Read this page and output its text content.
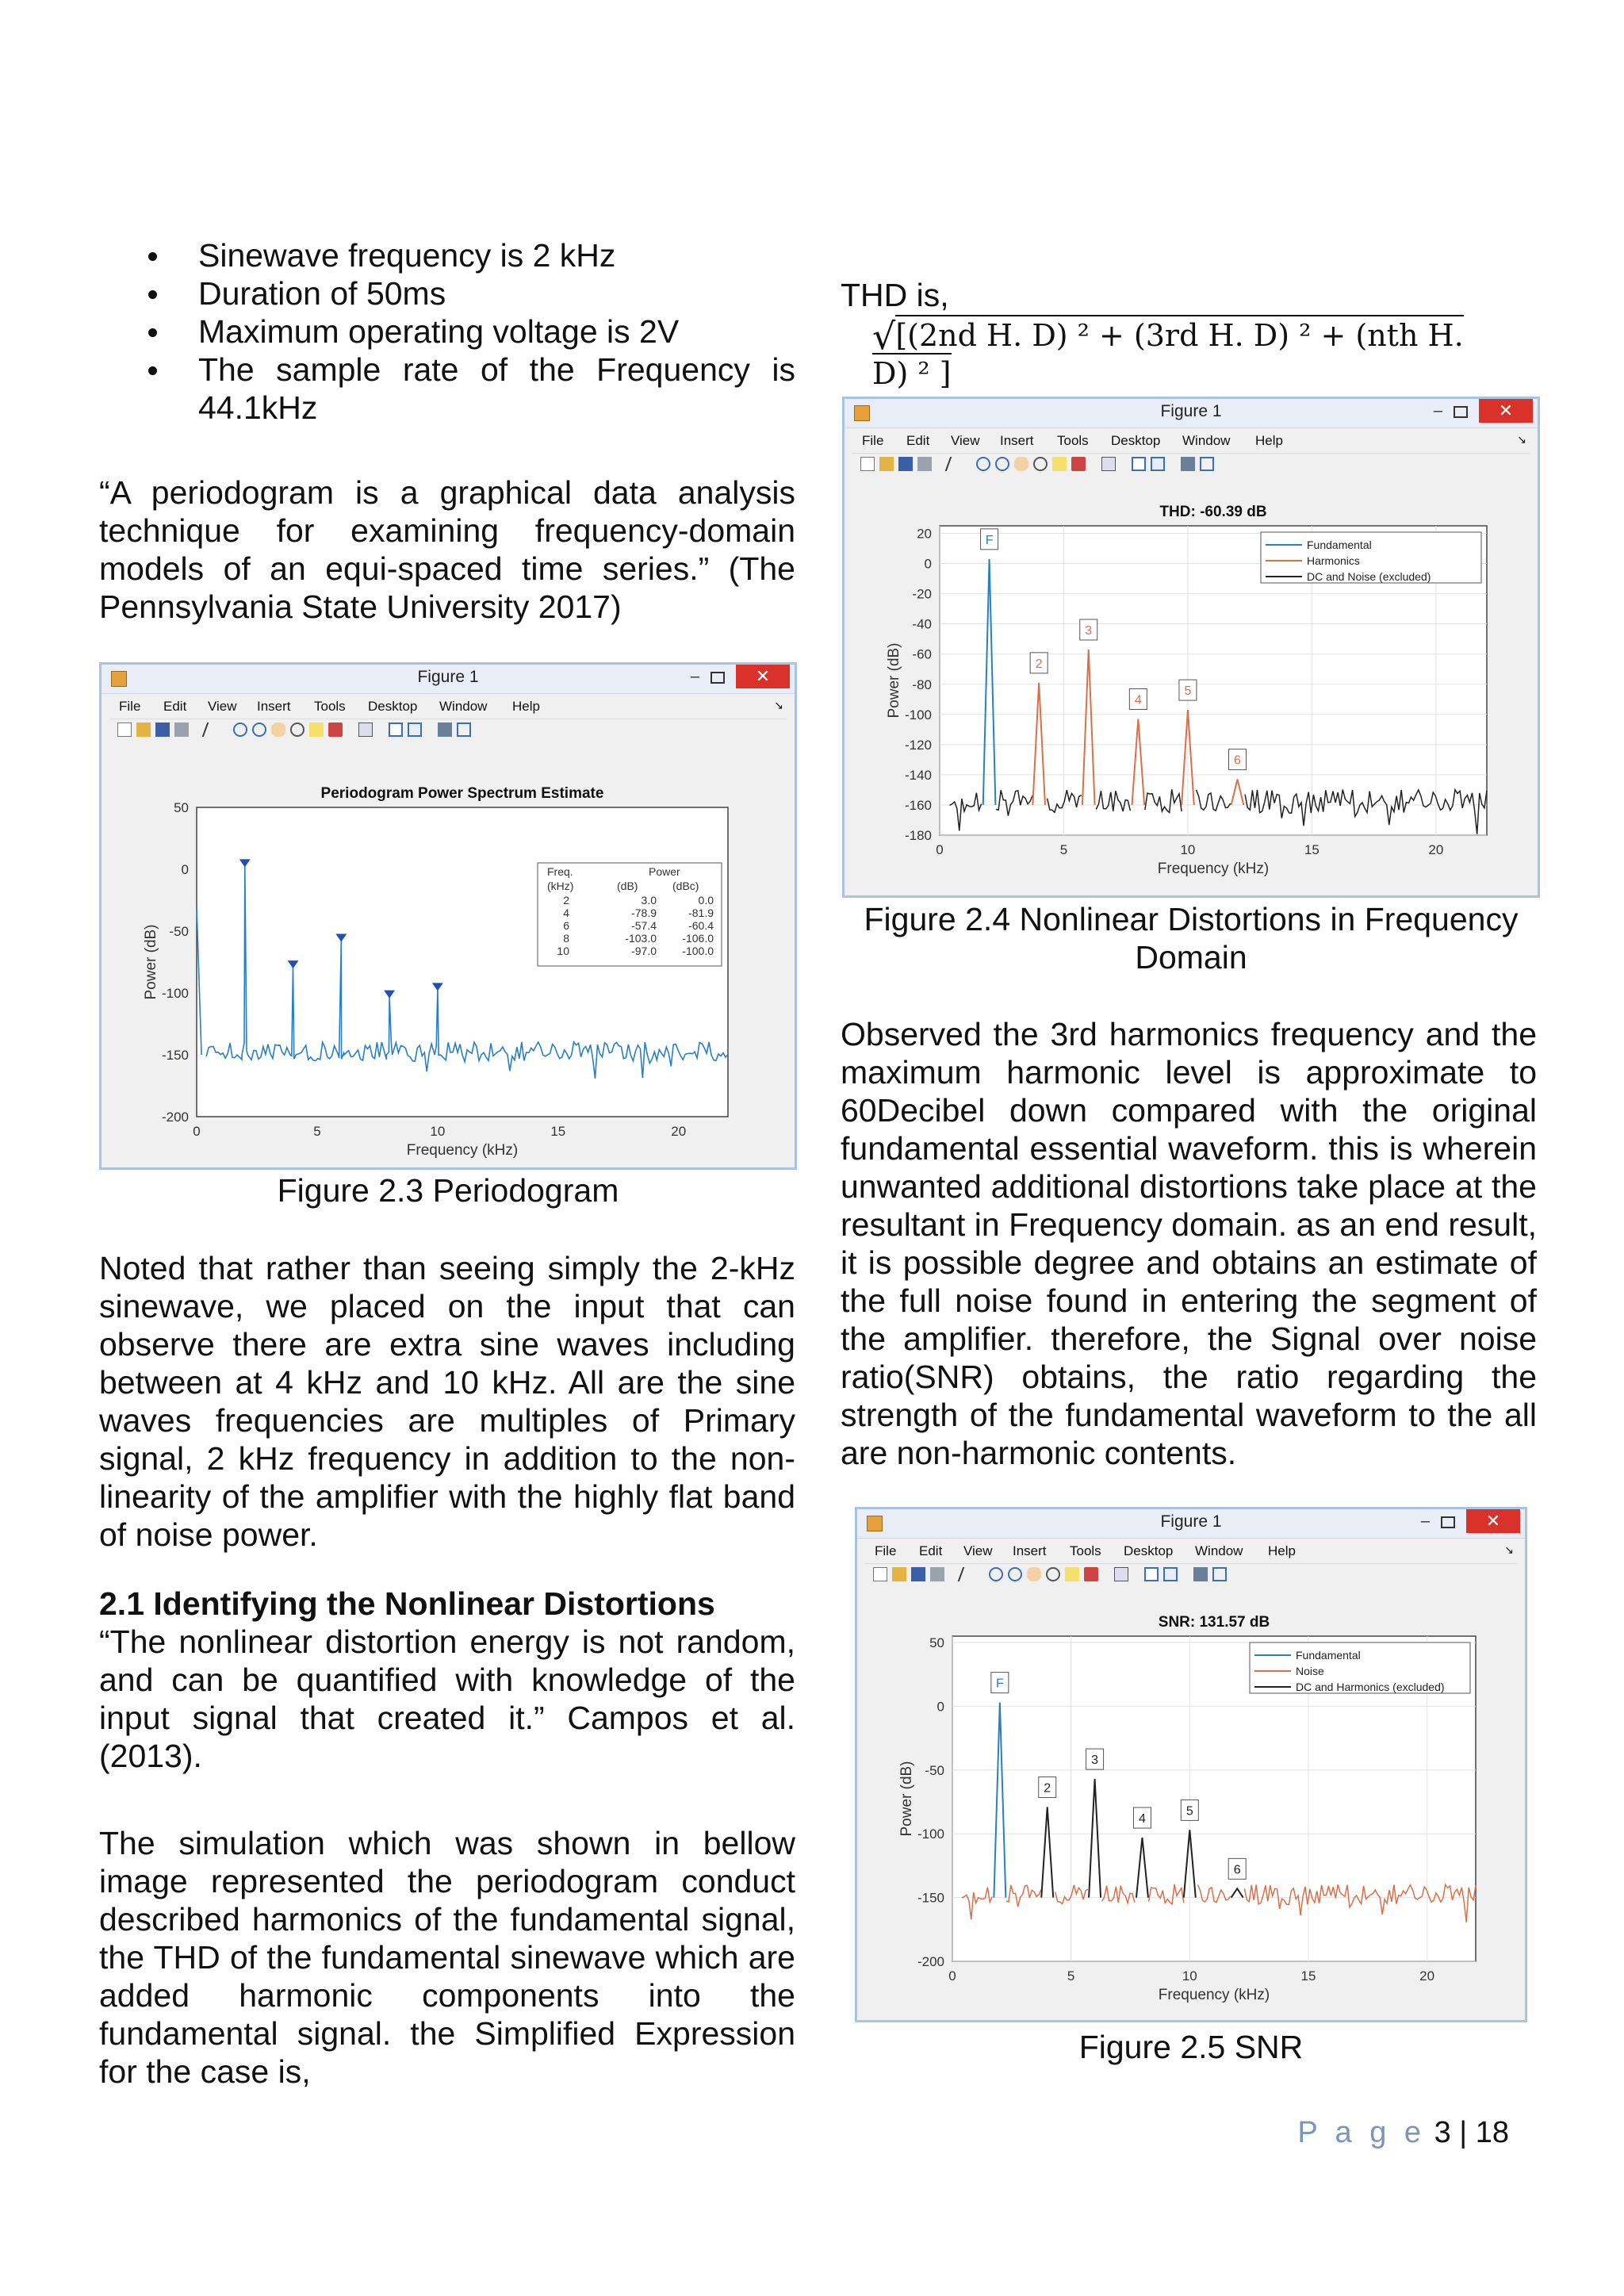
Sinewave frequency is 2 kHz
Duration of 50ms
Maximum operating voltage is 2V
The sample rate of the Frequency is 44.1kHz
“A periodogram is a graphical data analysis technique for examining frequency-domain models of an equi-spaced time series.” (The Pennsylvania State University 2017)
Figure 1	–	✕
File Edit View Insert Tools Desktop Window Help	↘
50
0
-50
-100
-150
-200
0	5	10	15	20
Periodogram Power Spectrum Estimate
Frequency (kHz)
Power (dB)
Freq.	Power
(kHz)	(dB)	(dBc)
2	3.0	0.0
4	-78.9	-81.9
6	-57.4	-60.4
8	-103.0 -106.0
10	-97.0 -100.0
Figure 2.3 Periodogram
Noted that rather than seeing simply the 2-kHz sinewave, we placed on the input that can observe there are extra sine waves including between at 4 kHz and 10 kHz. All are the sine waves frequencies are multiples of Primary signal, 2 kHz frequency in addition to the non-linearity of the amplifier with the highly flat band of noise power.
2.1 Identifying the Nonlinear Distortions
“The nonlinear distortion energy is not random, and can be quantified with knowledge of the input signal that created it.” Campos et al. (2013).
The simulation which was shown in bellow image represented the periodogram conduct described harmonics of the fundamental signal, the THD of the fundamental sinewave which are added harmonic components into the fundamental signal. the Simplified Expression for the case is,
THD is,
√[(2nd H. D) ² + (3rd H. D) ² + (nth H. D) ² ]
Figure 1	–	✕
File Edit View Insert Tools Desktop Window Help	↘
20
0
-20
-40
-60
-80
-100
-120
-140
-160
-180
0	5	10	15	20
THD: -60.39 dB
Frequency (kHz)
Power (dB)
F
2
3
4
5
6
Fundamental
Harmonics
DC and Noise (excluded)
Figure 2.4 Nonlinear Distortions in Frequency Domain
Observed the 3rd harmonics frequency and the maximum harmonic level is approximate to 60Decibel down compared with the original fundamental essential waveform. this is wherein unwanted additional distortions take place at the resultant in Frequency domain. as an end result, it is possible degree and obtains an estimate of the full noise found in entering the segment of the amplifier. therefore, the Signal over noise ratio(SNR) obtains, the ratio regarding the strength of the fundamental waveform to the all are non-harmonic contents.
Figure 1	–	✕
File Edit View Insert Tools Desktop Window Help	↘
50
0
-50
-100
-150
-200
0	5	10	15	20
SNR: 131.57 dB
Frequency (kHz)
Power (dB)
F
2
3
4
5
6
Fundamental
Noise
DC and Harmonics (excluded)
Figure 2.5 SNR
P a g e 3 | 18
